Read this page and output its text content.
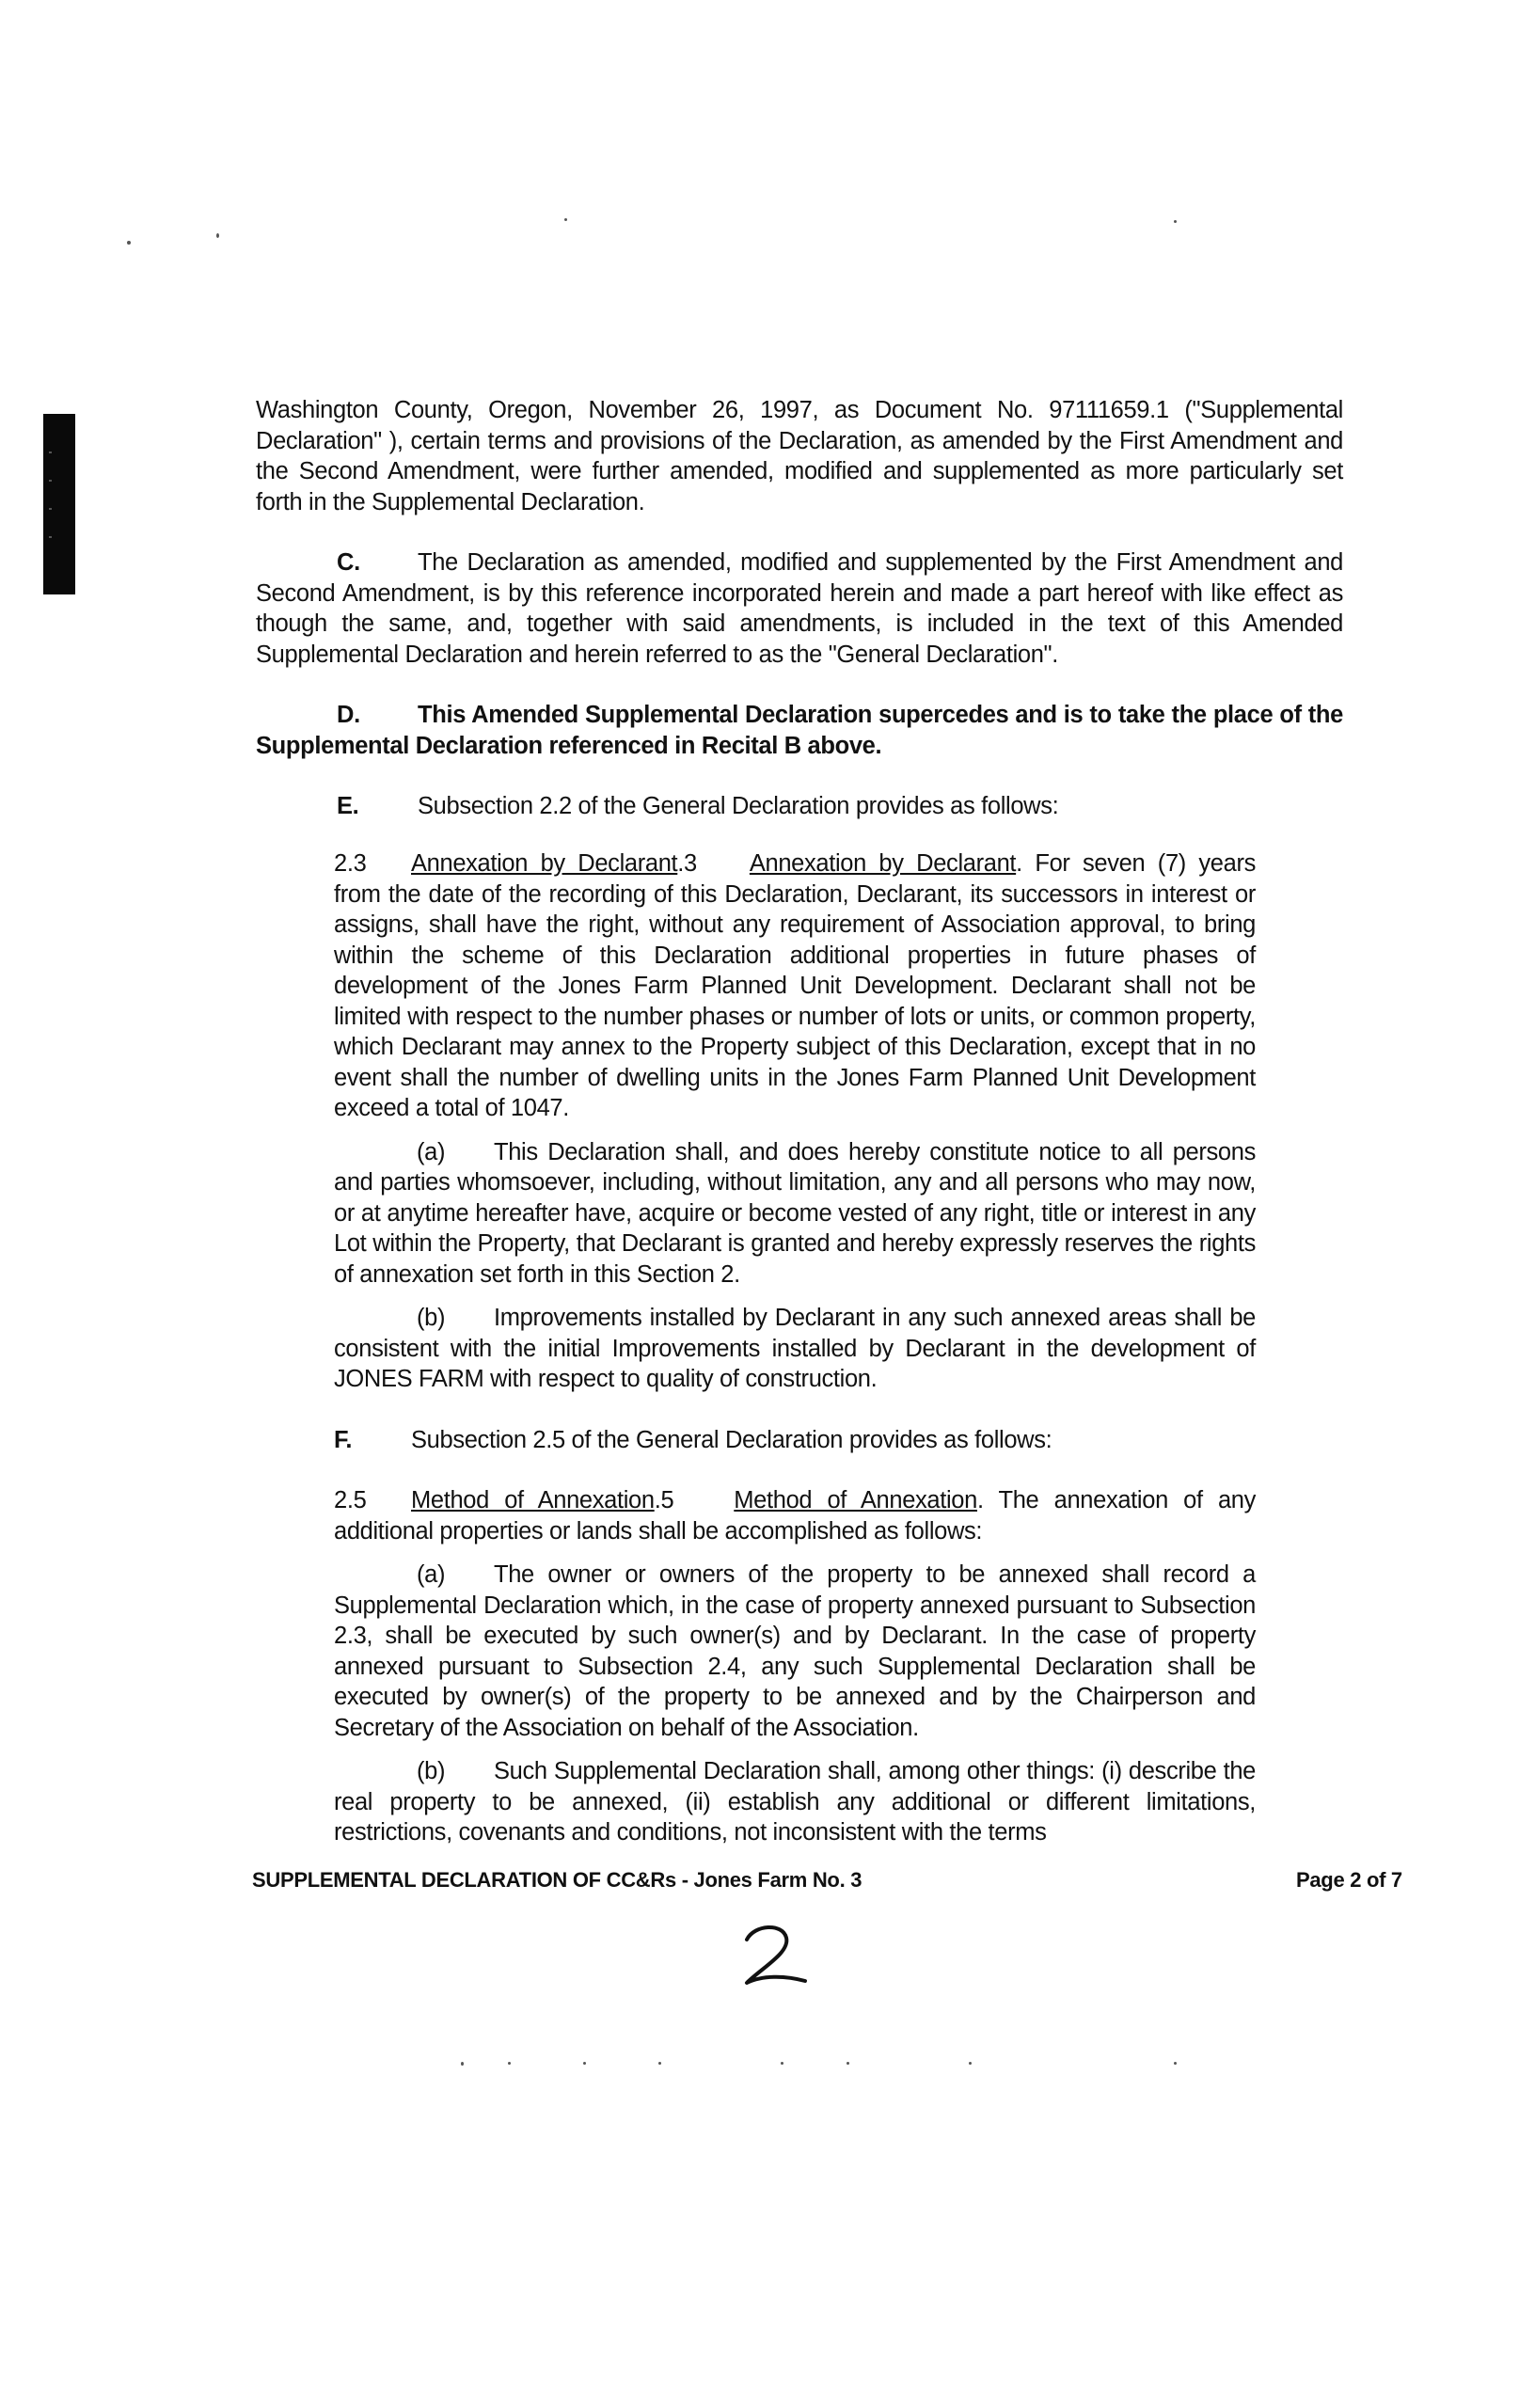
Washington County, Oregon, November 26, 1997, as Document No. 97111659.1 ("Supplemental Declaration" ), certain terms and provisions of the Declaration, as amended by the First Amendment and the Second Amendment, were further amended, modified and supplemented as more particularly set forth in the Supplemental Declaration.

C. The Declaration as amended, modified and supplemented by the First Amendment and Second Amendment, is by this reference incorporated herein and made a part hereof with like effect as though the same, and, together with said amendments, is included in the text of this Amended Supplemental Declaration and herein referred to as the "General Declaration".

D. This Amended Supplemental Declaration supercedes and is to take the place of the Supplemental Declaration referenced in Recital B above.

E. Subsection 2.2 of the General Declaration provides as follows:

2.3 Annexation by Declarant.3 Annexation by Declarant. For seven (7) years from the date of the recording of this Declaration, Declarant, its successors in interest or assigns, shall have the right, without any requirement of Association approval, to bring within the scheme of this Declaration additional properties in future phases of development of the Jones Farm Planned Unit Development. Declarant shall not be limited with respect to the number phases or number of lots or units, or common property, which Declarant may annex to the Property subject of this Declaration, except that in no event shall the number of dwelling units in the Jones Farm Planned Unit Development exceed a total of 1047.

(a) This Declaration shall, and does hereby constitute notice to all persons and parties whomsoever, including, without limitation, any and all persons who may now, or at anytime hereafter have, acquire or become vested of any right, title or interest in any Lot within the Property, that Declarant is granted and hereby expressly reserves the rights of annexation set forth in this Section 2.

(b) Improvements installed by Declarant in any such annexed areas shall be consistent with the initial Improvements installed by Declarant in the development of JONES FARM with respect to quality of construction.

F. Subsection 2.5 of the General Declaration provides as follows:

2.5 Method of Annexation.5	Method of Annexation. The annexation of any additional properties or lands shall be accomplished as follows:

(a) The owner or owners of the property to be annexed shall record a Supplemental Declaration which, in the case of property annexed pursuant to Subsection 2.3, shall be executed by such owner(s) and by Declarant. In the case of property annexed pursuant to Subsection 2.4, any such Supplemental Declaration shall be executed by owner(s) of the property to be annexed and by the Chairperson and Secretary of the Association on behalf of the Association.

(b) Such Supplemental Declaration shall, among other things: (i) describe the real property to be annexed, (ii) establish any additional or different limitations, restrictions, covenants and conditions, not inconsistent with the terms

SUPPLEMENTAL DECLARATION OF CC&Rs - Jones Farm No. 3	Page 2 of 7
